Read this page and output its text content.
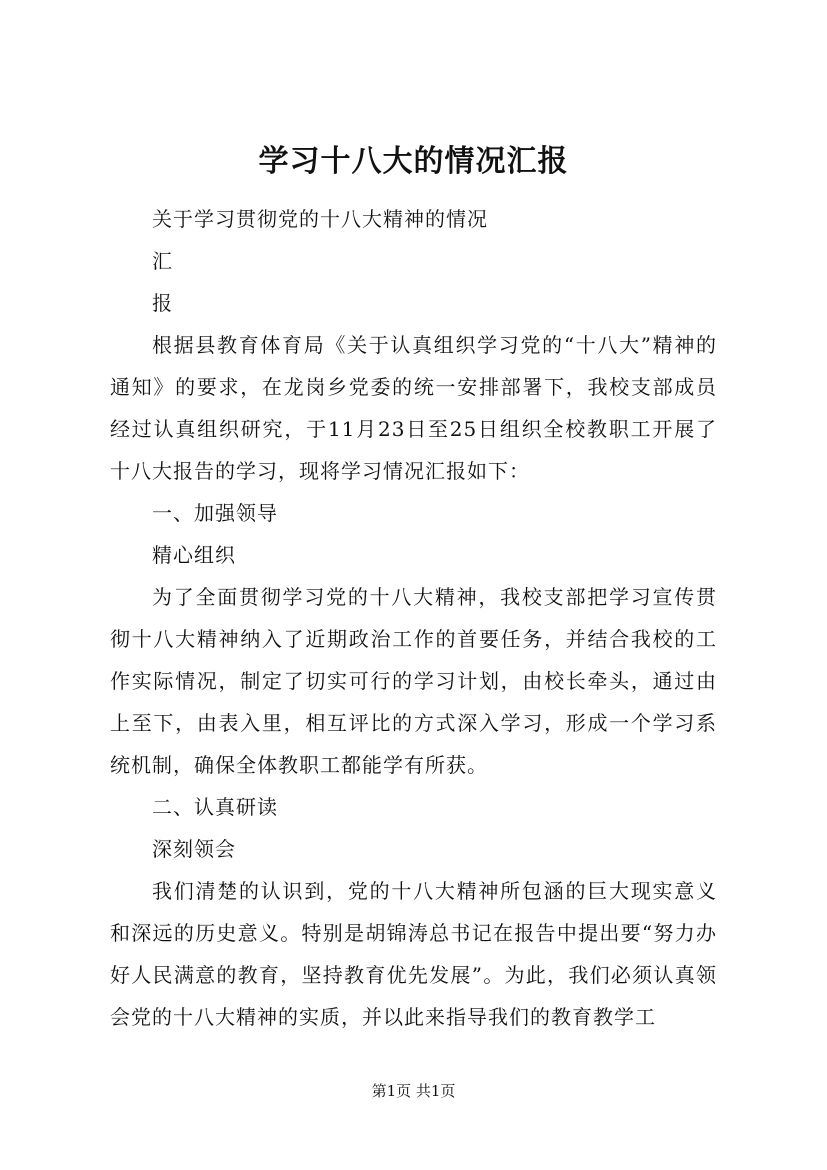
学习十八大的情况汇报

关于学习贯彻党的十八大精神的情况

汇

报

根据县教育体育局《关于认真组织学习党的“十八大”精神的通知》的要求，在龙岗乡党委的统一安排部署下，我校支部成员经过认真组织研究，于11月23日至25日组织全校教职工开展了十八大报告的学习，现将学习情况汇报如下：

一、加强领导

精心组织

为了全面贯彻学习党的十八大精神，我校支部把学习宣传贯彻十八大精神纳入了近期政治工作的首要任务，并结合我校的工作实际情况，制定了切实可行的学习计划，由校长牵头，通过由上至下，由表入里，相互评比的方式深入学习，形成一个学习系统机制，确保全体教职工都能学有所获。

二、认真研读

深刻领会

我们清楚的认识到，党的十八大精神所包涵的巨大现实意义和深远的历史意义。特别是胡锦涛总书记在报告中提出要“努力办好人民满意的教育，坚持教育优先发展”。为此，我们必须认真领会党的十八大精神的实质，并以此来指导我们的教育教学工

第1页 共1页
